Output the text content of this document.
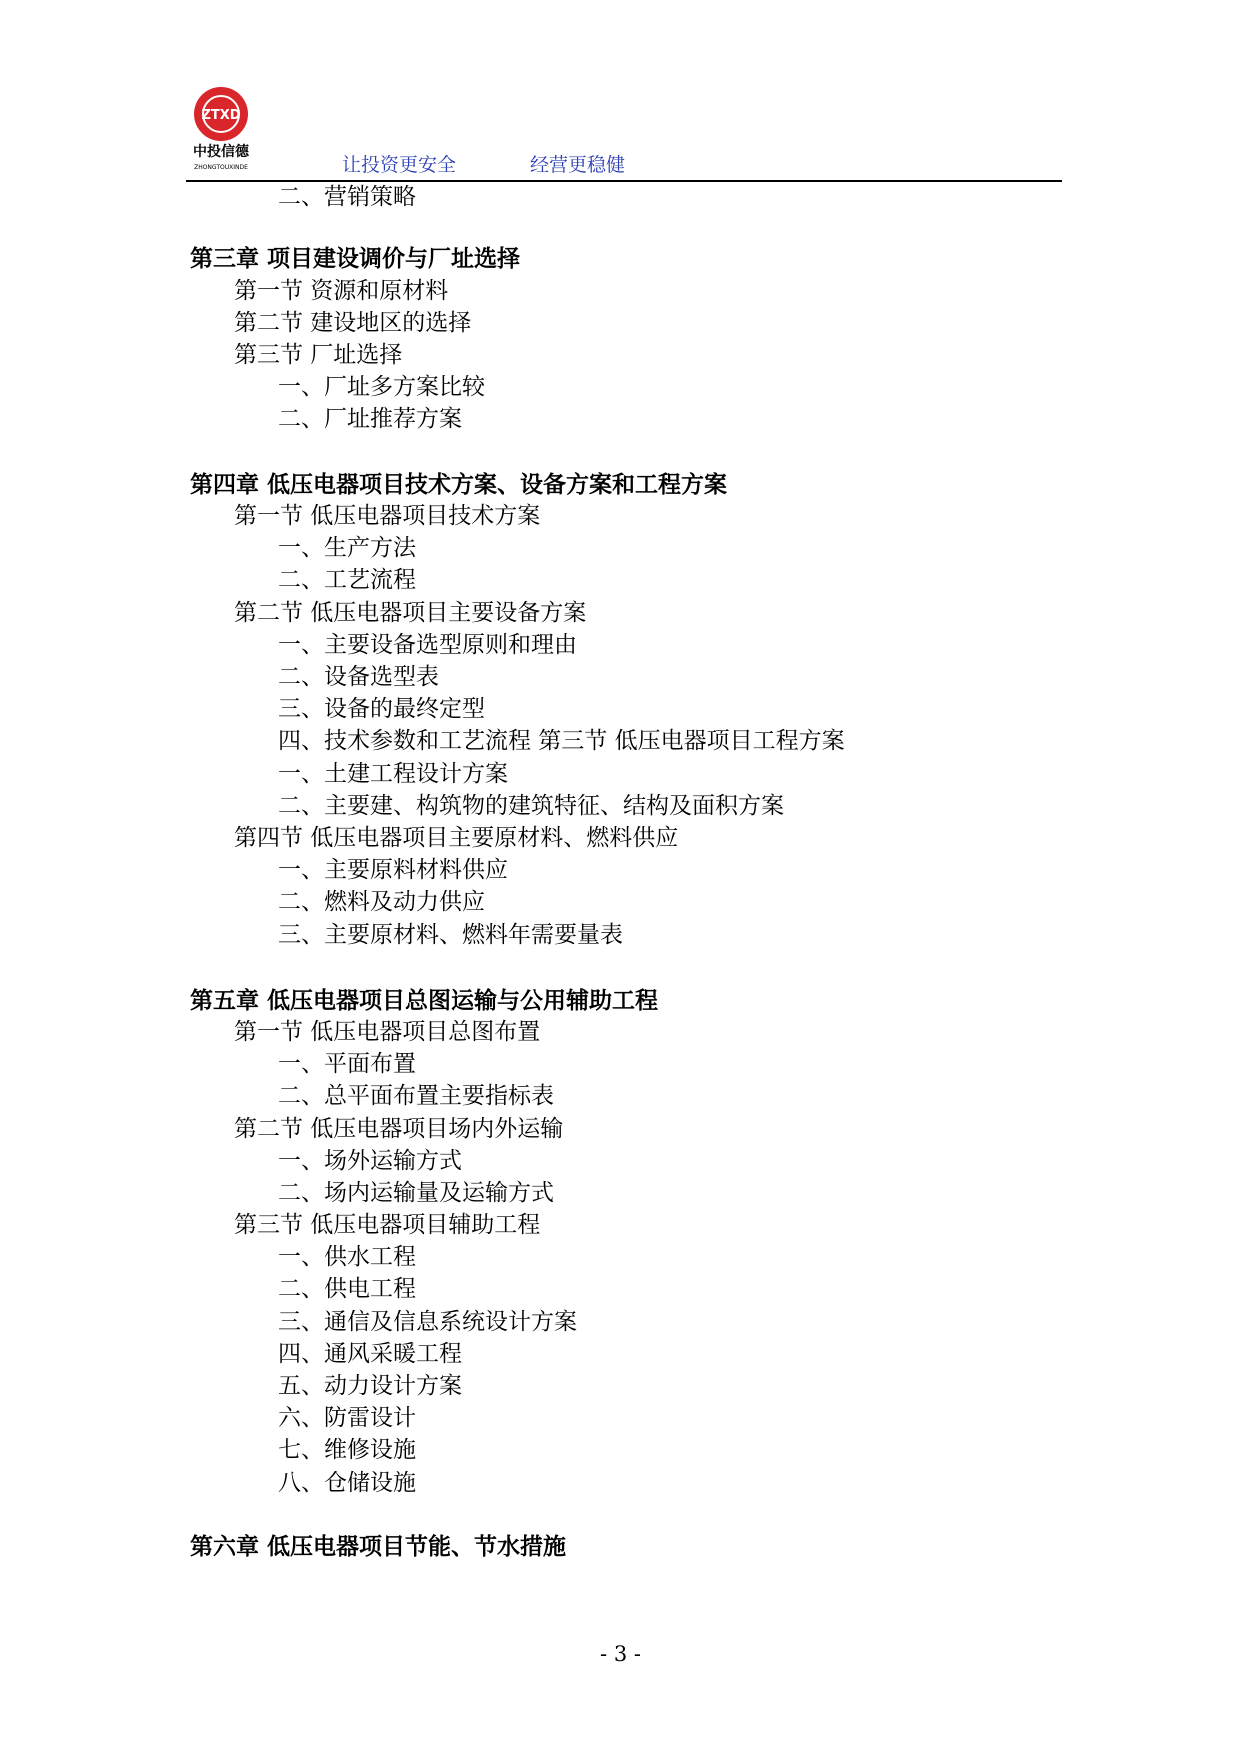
ZTXD
中投信德
ZHONGTOUXINDE	让投资更安全	经营更稳健
二、营销策略
第三章 项目建设调价与厂址选择
第一节 资源和原材料
第二节 建设地区的选择
第三节 厂址选择
一、厂址多方案比较
二、厂址推荐方案
第四章 低压电器项目技术方案、设备方案和工程方案
第一节 低压电器项目技术方案
一、生产方法
二、工艺流程
第二节 低压电器项目主要设备方案
一、主要设备选型原则和理由
二、设备选型表
三、设备的最终定型
四、技术参数和工艺流程 第三节 低压电器项目工程方案
一、土建工程设计方案
二、主要建、构筑物的建筑特征、结构及面积方案
第四节 低压电器项目主要原材料、燃料供应
一、主要原料材料供应
二、燃料及动力供应
三、主要原材料、燃料年需要量表
第五章 低压电器项目总图运输与公用辅助工程
第一节 低压电器项目总图布置
一、平面布置
二、总平面布置主要指标表
第二节 低压电器项目场内外运输
一、场外运输方式
二、场内运输量及运输方式
第三节 低压电器项目辅助工程
一、供水工程
二、供电工程
三、通信及信息系统设计方案
四、通风采暖工程
五、动力设计方案
六、防雷设计
七、维修设施
八、仓储设施
第六章 低压电器项目节能、节水措施
- 3 -
